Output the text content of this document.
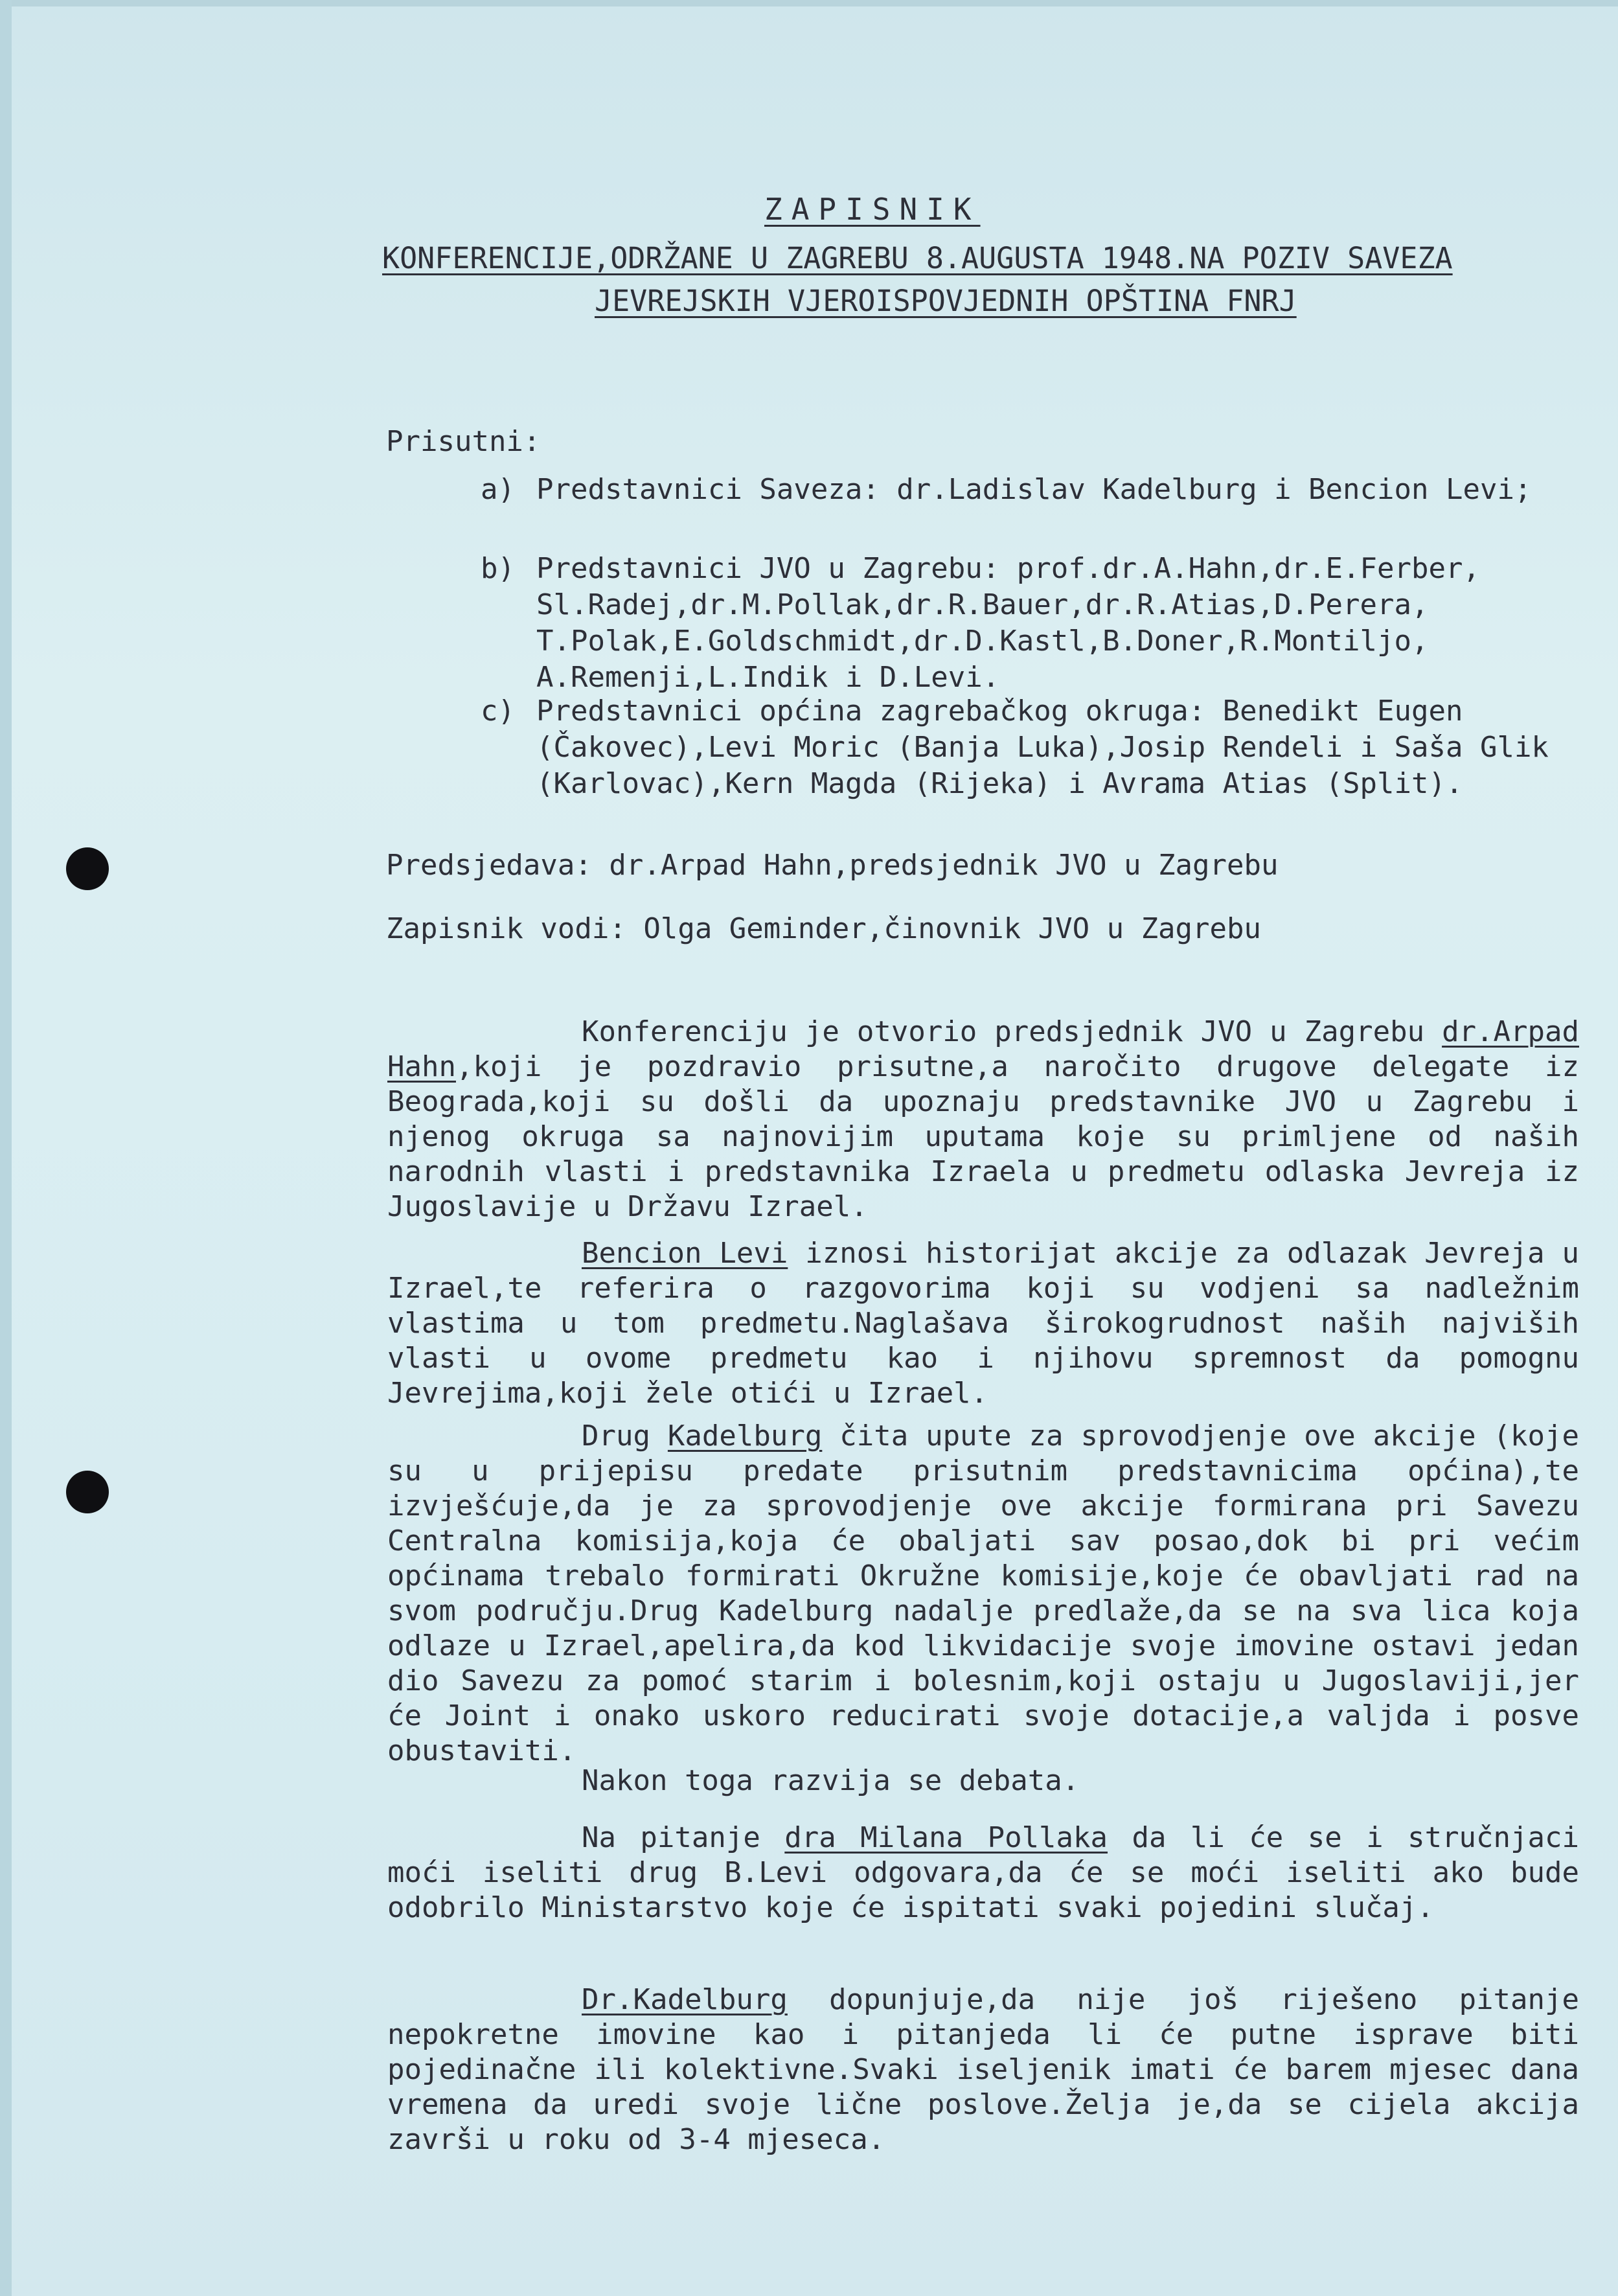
ZAPISNIK
KONFERENCIJE,ODRŽANE U ZAGREBU 8.AUGUSTA 1948.NA POZIV SAVEZA
JEVREJSKIH VJEROISPOVJEDNIH OPŠTINA FNRJ
Prisutni:
a) Predstavnici Saveza: dr.Ladislav Kadelburg i Bencion Levi;
b) Predstavnici JVO u Zagrebu: prof.dr.A.Hahn,dr.E.Ferber, Sl.Radej,dr.M.Pollak,dr.R.Bauer,dr.R.Atias,D.Perera, T.Polak,E.Goldschmidt,dr.D.Kastl,B.Doner,R.Montiljo, A.Remenji,L.Indik i D.Levi.
c) Predstavnici općina zagrebačkog okruga: Benedikt Eugen (Čakovec),Levi Moric (Banja Luka),Josip Rendeli i Saša Glik (Karlovac),Kern Magda (Rijeka) i Avrama Atias (Split).
Predsjedava: dr.Arpad Hahn,predsjednik JVO u Zagrebu
Zapisnik vodi: Olga Geminder,činovnik JVO u Zagrebu
Konferenciju je otvorio predsjednik JVO u Zagrebu dr.Arpad Hahn,koji je pozdravio prisutne,a naročito drugove delegate iz Beograda,koji su došli da upoznaju predstavnike JVO u Zagrebu i njenog okruga sa najnovijim uputama koje su primljene od naših narodnih vlasti i predstavnika Izraela u predmetu odlaska Jevreja iz Jugoslavije u Državu Izrael.
Bencion Levi iznosi historijat akcije za odlazak Jevreja u Izrael,te referira o razgovorima koji su vodjeni sa nadležnim vlastima u tom predmetu.Naglašava širokogrudnost naših najviših vlasti u ovome predmetu kao i njihovu spremnost da pomognu Jevrejima,koji žele otići u Izrael.
Drug Kadelburg čita upute za sprovodjenje ove akcije (koje su u prijepisu predate prisutnim predstavnicima općina),te izvješćuje,da je za sprovodjenje ove akcije formirana pri Savezu Centralna komisija,koja će obaljati sav posao,dok bi pri većim općinama trebalo formirati Okružne komisije,koje će obavljati rad na svom području.Drug Kadelburg nadalje predlaže,da se na sva lica koja odlaze u Izrael,apelira,da kod likvidacije svoje imovine ostavi jedan dio Savezu za pomoć starim i bolesnim,koji ostaju u Jugoslaviji,jer će Joint i onako uskoro reducirati svoje dotacije,a valjda i posve obustaviti.
Nakon toga razvija se debata.
Na pitanje dra Milana Pollaka da li će se i stručnjaci moći iseliti drug B.Levi odgovara,da će se moći iseliti ako bude odobrilo Ministarstvo koje će ispitati svaki pojedini slučaj.
Dr.Kadelburg dopunjuje,da nije još riješeno pitanje nepokretne imovine kao i pitanjeda li će putne isprave biti pojedinačne ili kolektivne.Svaki iseljenik imati će barem mjesec dana vremena da uredi svoje lične poslove.Želja je,da se cijela akcija završi u roku od 3-4 mjeseca.
